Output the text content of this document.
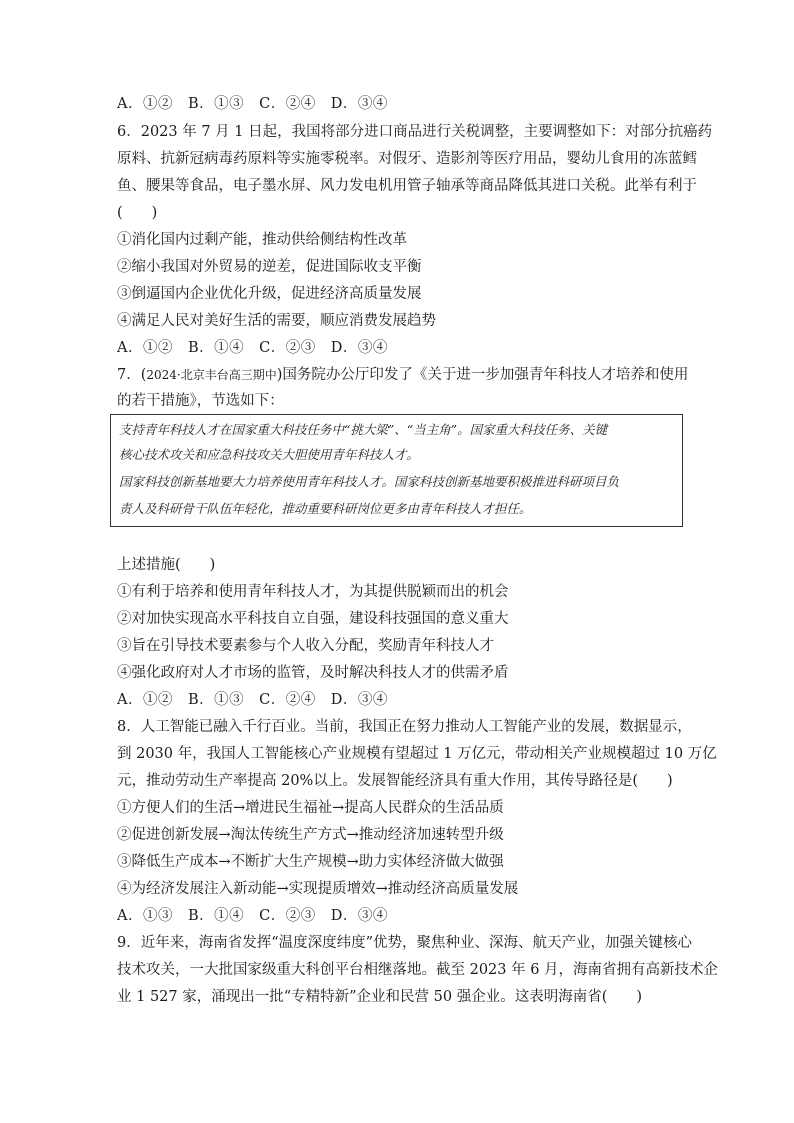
A．①②　B．①③　C．②④　D．③④
6．2023 年 7 月 1 日起，我国将部分进口商品进行关税调整，主要调整如下：对部分抗癌药
原料、抗新冠病毒药原料等实施零税率。对假牙、造影剂等医疗用品，婴幼儿食用的冻蓝鳕
鱼、腰果等食品，电子墨水屏、风力发电机用管子轴承等商品降低其进口关税。此举有利于
(　　)
①消化国内过剩产能，推动供给侧结构性改革
②缩小我国对外贸易的逆差，促进国际收支平衡
③倒逼国内企业优化升级，促进经济高质量发展
④满足人民对美好生活的需要，顺应消费发展趋势
A．①②　B．①④　C．②③　D．③④
7．(2024·北京丰台高三期中)国务院办公厅印发了《关于进一步加强青年科技人才培养和使用
的若干措施》，节选如下：
支持青年科技人才在国家重大科技任务中“挑大梁”、“当主角”。国家重大科技任务、关键
核心技术攻关和应急科技攻关大胆使用青年科技人才。
国家科技创新基地要大力培养使用青年科技人才。国家科技创新基地要积极推进科研项目负
责人及科研骨干队伍年轻化，推动重要科研岗位更多由青年科技人才担任。
上述措施(　　)
①有利于培养和使用青年科技人才，为其提供脱颖而出的机会
②对加快实现高水平科技自立自强，建设科技强国的意义重大
③旨在引导技术要素参与个人收入分配，奖励青年科技人才
④强化政府对人才市场的监管，及时解决科技人才的供需矛盾
A．①②　B．①③　C．②④　D．③④
8．人工智能已融入千行百业。当前，我国正在努力推动人工智能产业的发展，数据显示，
到 2030 年，我国人工智能核心产业规模有望超过 1 万亿元，带动相关产业规模超过 10 万亿
元，推动劳动生产率提高 20%以上。发展智能经济具有重大作用，其传导路径是(　　)
①方便人们的生活→增进民生福祉→提高人民群众的生活品质
②促进创新发展→淘汰传统生产方式→推动经济加速转型升级
③降低生产成本→不断扩大生产规模→助力实体经济做大做强
④为经济发展注入新动能→实现提质增效→推动经济高质量发展
A．①③　B．①④　C．②③　D．③④
9．近年来，海南省发挥“温度深度纬度”优势，聚焦种业、深海、航天产业，加强关键核心
技术攻关，一大批国家级重大科创平台相继落地。截至 2023 年 6 月，海南省拥有高新技术企
业 1 527 家，涌现出一批“专精特新”企业和民营 50 强企业。这表明海南省(　　)
